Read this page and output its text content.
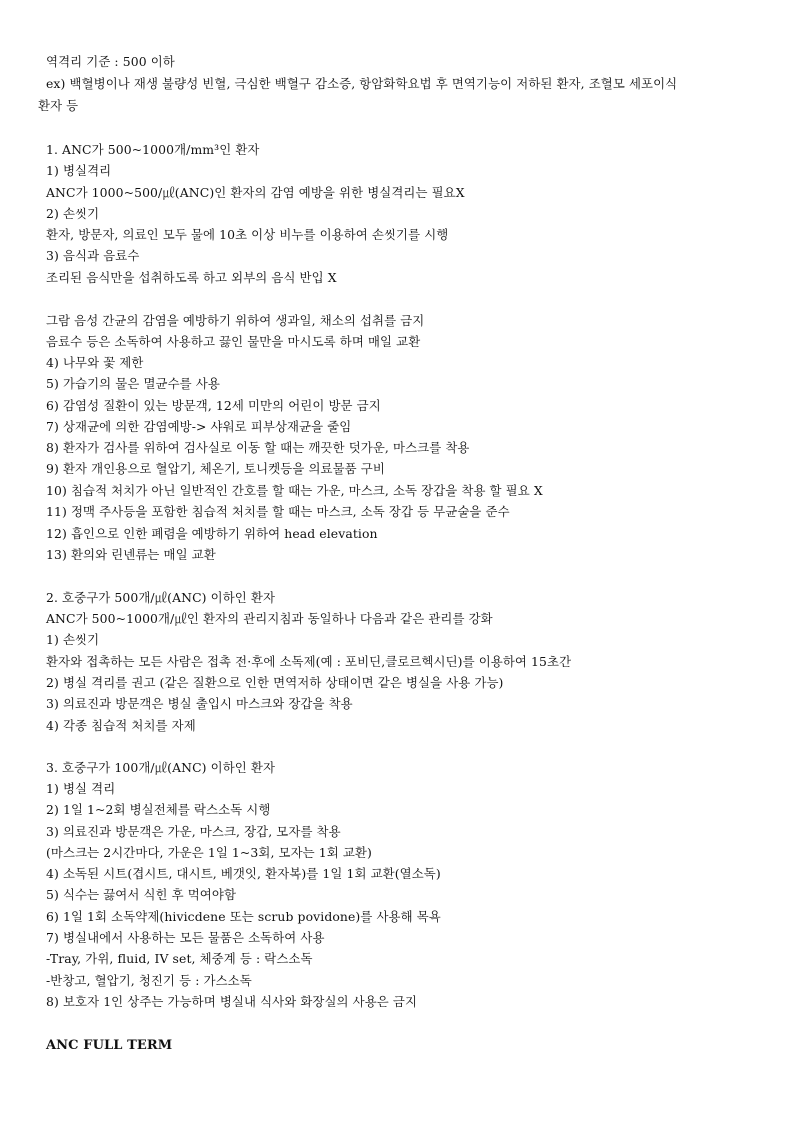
역격리 기준 : 500 이하
ex) 백혈병이나 재생 불량성 빈혈, 극심한 백혈구 감소증, 항암화학요법 후 면역기능이 저하된 환자, 조혈모 세포이식
환자 등
1. ANC가 500~1000개/mm³인 환자
1) 병실격리
ANC가 1000~500/㎕(ANC)인 환자의 감염 예방을 위한 병실격리는 필요X
2) 손씻기
환자, 방문자, 의료인 모두 물에 10초 이상 비누를 이용하여 손씻기를 시행
3) 음식과 음료수
조리된 음식만을 섭취하도록 하고 외부의 음식 반입 X
그람 음성 간균의 감염을 예방하기 위하여 생과일, 채소의 섭취를 금지
음료수 등은 소독하여 사용하고 끓인 물만을 마시도록 하며 매일 교환
4) 나무와 꽃 제한
5) 가습기의 물은 멸균수를 사용
6) 감염성 질환이 있는 방문객, 12세 미만의 어린이 방문 금지
7) 상재균에 의한 감염예방-> 샤워로 피부상재균을 줄임
8) 환자가 검사를 위하여 검사실로 이동 할 때는 깨끗한 덧가운, 마스크를 착용
9) 환자 개인용으로 혈압기, 체온기, 토니켓등을 의료물품 구비
10) 침습적 처치가 아닌 일반적인 간호를 할 때는 가운, 마스크, 소독 장갑을 착용 할 필요 X
11) 정맥 주사등을 포함한 침습적 처치를 할 때는 마스크, 소독 장갑 등 무균술을 준수
12) 흡인으로 인한 폐렴을 예방하기 위하여 head elevation
13) 환의와 린넨류는 매일 교환
2. 호중구가 500개/㎕(ANC) 이하인 환자
ANC가 500~1000개/㎕인 환자의 관리지침과 동일하나 다음과 같은 관리를 강화
1) 손씻기
환자와 접촉하는 모든 사람은 접촉 전·후에 소독제(예 : 포비딘,클로르헥시딘)를 이용하여 15초간
2) 병실 격리를 권고 (같은 질환으로 인한 면역저하 상태이면 같은 병실을 사용 가능)
3) 의료진과 방문객은 병실 출입시 마스크와 장갑을 착용
4) 각종 침습적 처치를 자제
3. 호중구가 100개/㎕(ANC) 이하인 환자
1) 병실 격리
2) 1일 1~2회 병실전체를 락스소독 시행
3) 의료진과 방문객은 가운, 마스크, 장갑, 모자를 착용
(마스크는 2시간마다, 가운은 1일 1~3회, 모자는 1회 교환)
4) 소독된 시트(겹시트, 대시트, 베갯잇, 환자복)를 1일 1회 교환(열소독)
5) 식수는 끓여서 식힌 후 먹여야함
6) 1일 1회 소독약제(hivicdene 또는 scrub povidone)를 사용해 목욕
7) 병실내에서 사용하는 모든 물품은 소독하여 사용
-Tray, 가위, fluid, IV set, 체중계 등 : 락스소독
-반창고, 혈압기, 청진기 등 : 가스소독
8) 보호자 1인 상주는 가능하며 병실내 식사와 화장실의 사용은 금지
ANC FULL TERM
